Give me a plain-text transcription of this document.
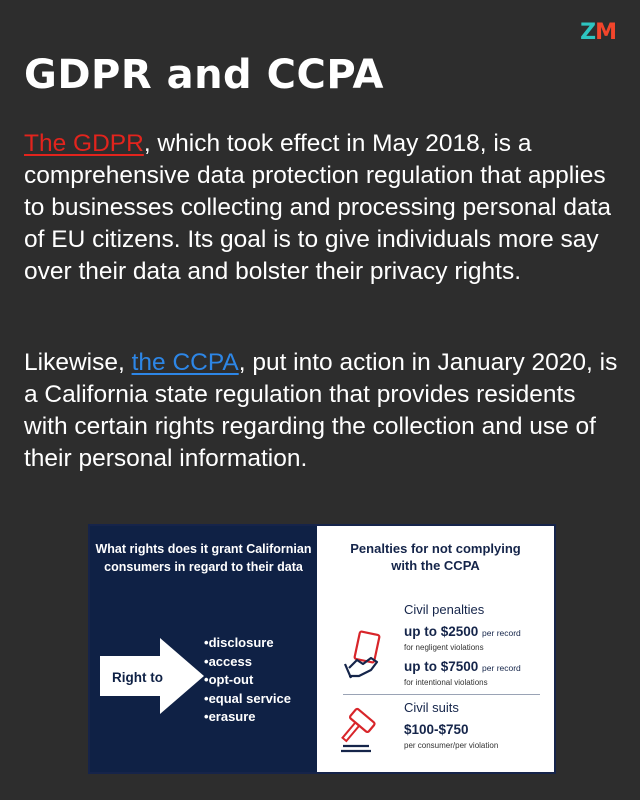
ZM
GDPR and CCPA

The GDPR, which took effect in May 2018, is a comprehensive data protection regulation that applies to businesses collecting and processing personal data of EU citizens. Its goal is to give individuals more say over their data and bolster their privacy rights.

Likewise, the CCPA, put into action in January 2020, is a California state regulation that provides residents with certain rights regarding the collection and use of their personal information.

What rights does it grant Californian consumers in regard to their data
Right to
• disclosure
• access
• opt-out
• equal service
• erasure
Penalties for not complying with the CCPA
Civil penalties
up to $2500 per record
for negligent violations
up to $7500 per record
for intentional violations
Civil suits
$100-$750
per consumer/per violation
